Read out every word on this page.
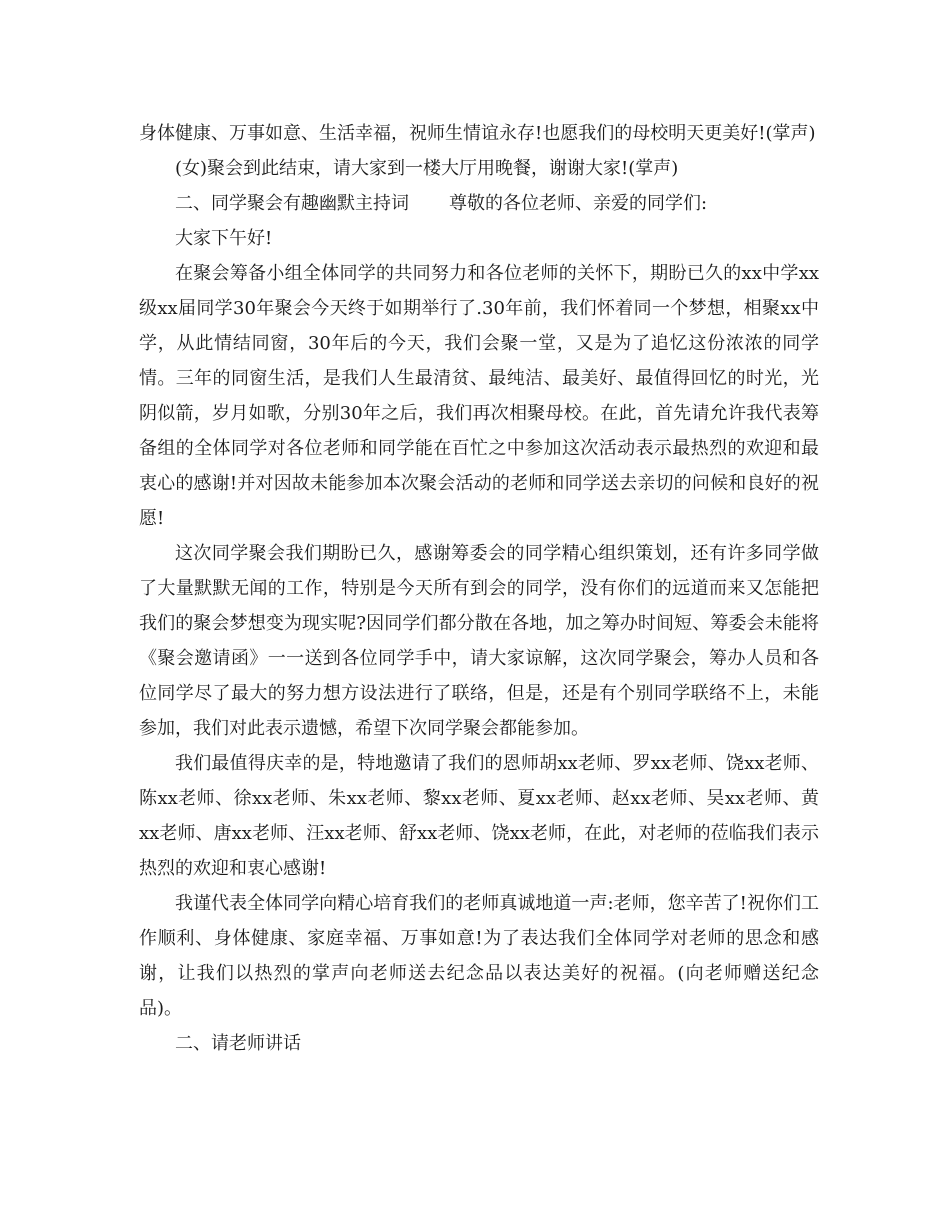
身体健康、万事如意、生活幸福，祝师生情谊永存!也愿我们的母校明天更美好!(掌声)

(女)聚会到此结束，请大家到一楼大厅用晚餐，谢谢大家!(掌声)

二、同学聚会有趣幽默主持词 尊敬的各位老师、亲爱的同学们:

大家下午好!

在聚会筹备小组全体同学的共同努力和各位老师的关怀下，期盼已久的xx中学xx级xx届同学30年聚会今天终于如期举行了.30年前，我们怀着同一个梦想，相聚xx中学，从此情结同窗，30年后的今天，我们会聚一堂，又是为了追忆这份浓浓的同学情。三年的同窗生活，是我们人生最清贫、最纯洁、最美好、最值得回忆的时光，光阴似箭，岁月如歌，分别30年之后，我们再次相聚母校。在此，首先请允许我代表筹备组的全体同学对各位老师和同学能在百忙之中参加这次活动表示最热烈的欢迎和最衷心的感谢!并对因故未能参加本次聚会活动的老师和同学送去亲切的问候和良好的祝愿!

这次同学聚会我们期盼已久，感谢筹委会的同学精心组织策划，还有许多同学做了大量默默无闻的工作，特别是今天所有到会的同学，没有你们的远道而来又怎能把我们的聚会梦想变为现实呢?因同学们都分散在各地，加之筹办时间短、筹委会未能将《聚会邀请函》一一送到各位同学手中，请大家谅解，这次同学聚会，筹办人员和各位同学尽了最大的努力想方设法进行了联络，但是，还是有个别同学联络不上，未能参加，我们对此表示遗憾，希望下次同学聚会都能参加。

我们最值得庆幸的是，特地邀请了我们的恩师胡xx老师、罗xx老师、饶xx老师、陈xx老师、徐xx老师、朱xx老师、黎xx老师、夏xx老师、赵xx老师、吴xx老师、黄xx老师、唐xx老师、汪xx老师、舒xx老师、饶xx老师，在此，对老师的莅临我们表示热烈的欢迎和衷心感谢!

我谨代表全体同学向精心培育我们的老师真诚地道一声:老师，您辛苦了!祝你们工作顺利、身体健康、家庭幸福、万事如意!为了表达我们全体同学对老师的思念和感谢，让我们以热烈的掌声向老师送去纪念品以表达美好的祝福。(向老师赠送纪念品)。

二、请老师讲话
